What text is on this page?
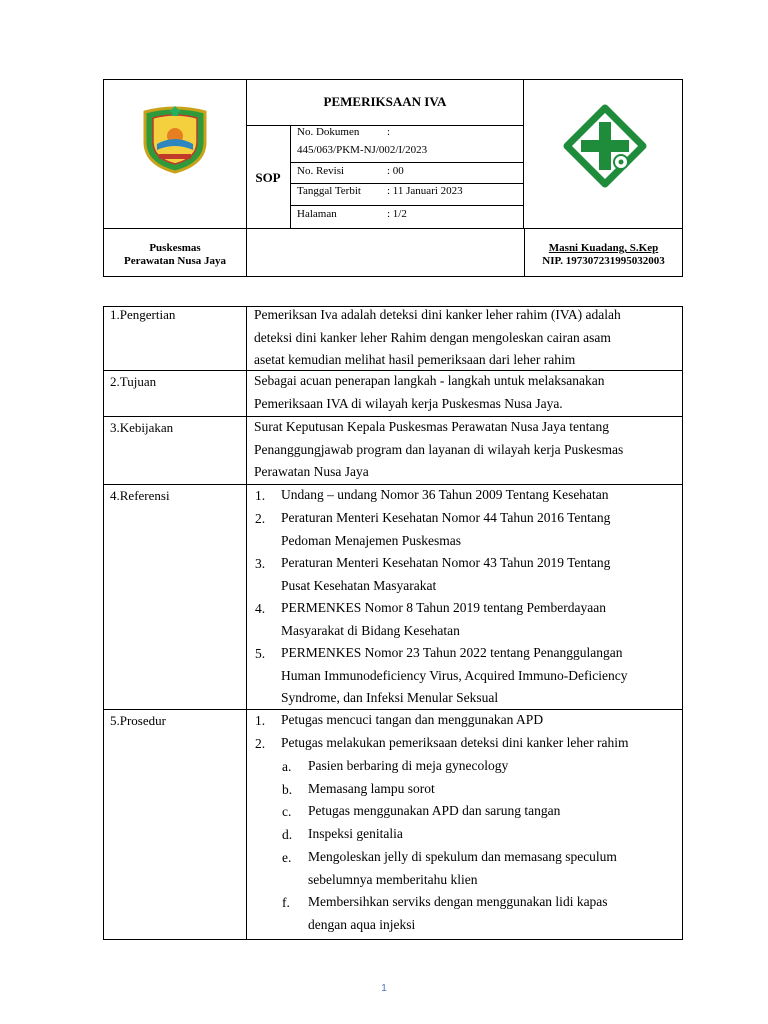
PEMERIKSAAN IVA
SOP
No. Dokumen	:
445/063/PKM-NJ/002/I/2023
No. Revisi	: 00
Tanggal Terbit : 11 Januari 2023
Halaman	: 1/2
Puskesmas
Perawatan Nusa Jaya
Masni Kuadang, S.Kep
NIP. 197307231995032003
1.Pengertian	Pemeriksan Iva adalah deteksi dini kanker leher rahim (IVA) adalah
deteksi dini kanker leher Rahim dengan mengoleskan cairan asam
asetat kemudian melihat hasil pemeriksaan dari leher rahim
2.Tujuan	Sebagai acuan penerapan langkah - langkah untuk melaksanakan
Pemeriksaan IVA di wilayah kerja Puskesmas Nusa Jaya.
3.Kebijakan	Surat Keputusan Kepala Puskesmas Perawatan Nusa Jaya tentang
Penanggungjawab program dan layanan di wilayah kerja Puskesmas
Perawatan Nusa Jaya
4.Referensi	1. Undang – undang Nomor 36 Tahun 2009 Tentang Kesehatan
2. Peraturan Menteri Kesehatan Nomor 44 Tahun 2016 Tentang
Pedoman Menajemen Puskesmas
3. Peraturan Menteri Kesehatan Nomor 43 Tahun 2019 Tentang
Pusat Kesehatan Masyarakat
4. PERMENKES Nomor 8 Tahun 2019 tentang Pemberdayaan
Masyarakat di Bidang Kesehatan
5. PERMENKES Nomor 23 Tahun 2022 tentang Penanggulangan
Human Immunodeficiency Virus, Acquired Immuno-Deficiency
Syndrome, dan Infeksi Menular Seksual
5.Prosedur	1. Petugas mencuci tangan dan menggunakan APD
2. Petugas melakukan pemeriksaan deteksi dini kanker leher rahim
a. Pasien berbaring di meja gynecology
b. Memasang lampu sorot
c. Petugas menggunakan APD dan sarung tangan
d. Inspeksi genitalia
e. Mengoleskan jelly di spekulum dan memasang speculum
sebelumnya memberitahu klien
f. Membersihkan serviks dengan menggunakan lidi kapas
dengan aqua injeksi
1
